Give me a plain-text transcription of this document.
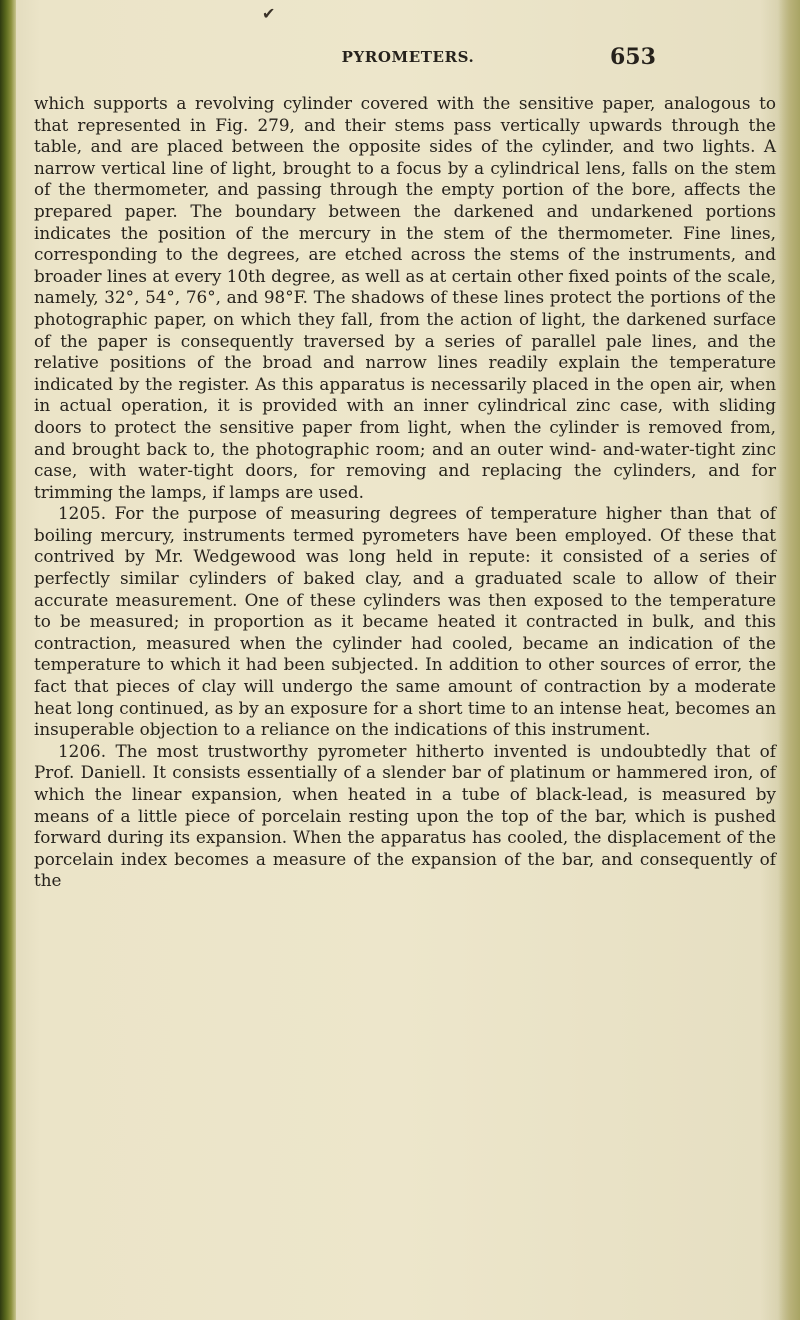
✔
PYROMETERS.	653

which supports a revolving cylinder covered with the sensitive paper, analogous to that represented in Fig. 279, and their stems pass vertically upwards through the table, and are placed between the opposite sides of the cylinder, and two lights. A narrow vertical line of light, brought to a focus by a cylindrical lens, falls on the stem of the thermometer, and passing through the empty portion of the bore, affects the prepared paper. The boundary between the darkened and undarkened portions indicates the position of the mercury in the stem of the thermometer. Fine lines, corresponding to the degrees, are etched across the stems of the instruments, and broader lines at every 10th degree, as well as at certain other fixed points of the scale, namely, 32°, 54°, 76°, and 98°F. The shadows of these lines protect the portions of the photographic paper, on which they fall, from the action of light, the darkened surface of the paper is consequently traversed by a series of parallel pale lines, and the relative positions of the broad and narrow lines readily explain the temperature indicated by the register. As this apparatus is necessarily placed in the open air, when in actual operation, it is provided with an inner cylindrical zinc case, with sliding doors to protect the sensitive paper from light, when the cylinder is removed from, and brought back to, the photographic room; and an outer wind- and-water-tight zinc case, with water-tight doors, for removing and replacing the cylinders, and for trimming the lamps, if lamps are used.

1205. For the purpose of measuring degrees of temperature higher than that of boiling mercury, instruments termed pyrometers have been employed. Of these that contrived by Mr. Wedgewood was long held in repute: it consisted of a series of perfectly similar cylinders of baked clay, and a graduated scale to allow of their accurate measurement. One of these cylinders was then exposed to the temperature to be measured; in proportion as it became heated it contracted in bulk, and this contraction, measured when the cylinder had cooled, became an indication of the temperature to which it had been subjected. In addition to other sources of error, the fact that pieces of clay will undergo the same amount of contraction by a moderate heat long continued, as by an exposure for a short time to an intense heat, becomes an insuperable objection to a reliance on the indications of this instrument.

1206. The most trustworthy pyrometer hitherto invented is undoubtedly that of Prof. Daniell. It consists essentially of a slender bar of platinum or hammered iron, of which the linear expansion, when heated in a tube of black-lead, is measured by means of a little piece of porcelain resting upon the top of the bar, which is pushed forward during its expansion. When the apparatus has cooled, the displacement of the porcelain index becomes a measure of the expansion of the bar, and consequently of the
